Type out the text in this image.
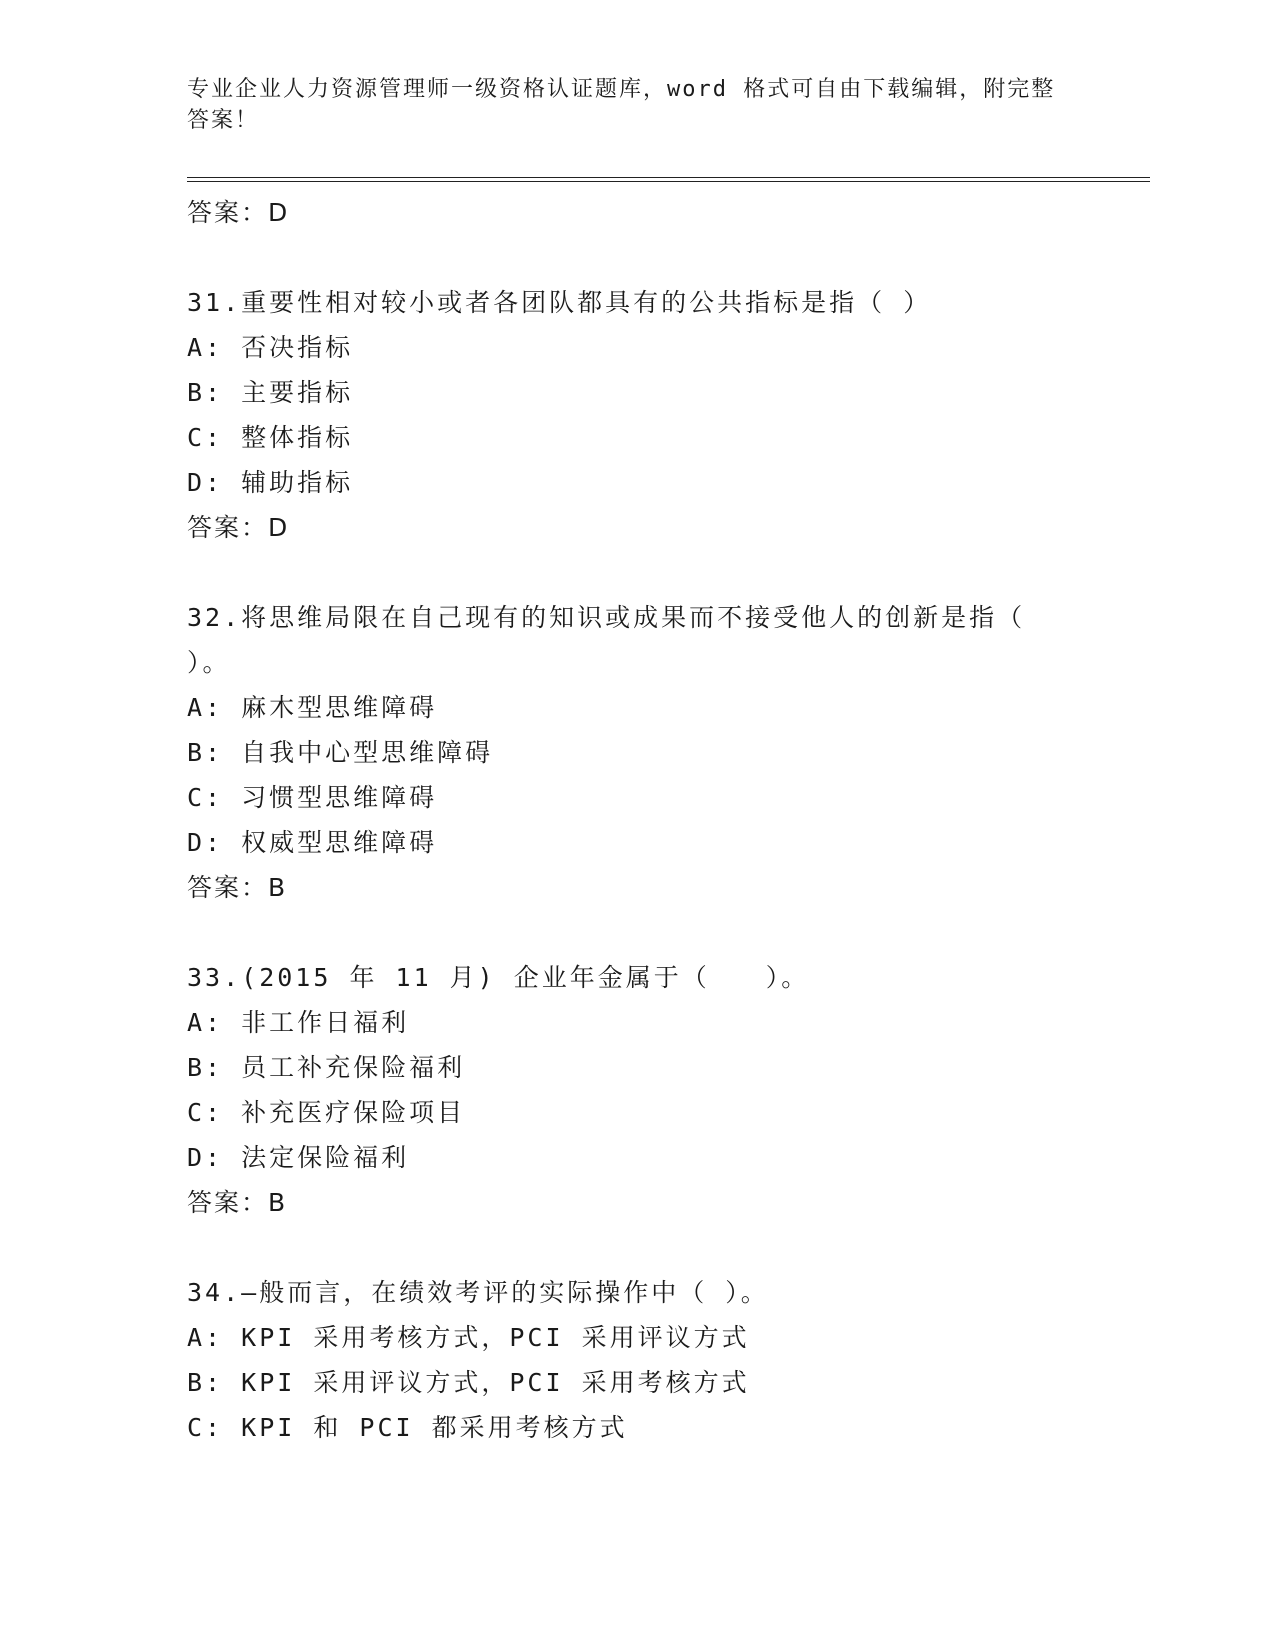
专业企业人力资源管理师一级资格认证题库，word 格式可自由下载编辑，附完整答案！
答案：D
31.重要性相对较小或者各团队都具有的公共指标是指（ ）
A: 否决指标
B: 主要指标
C: 整体指标
D: 辅助指标
答案：D
32.将思维局限在自己现有的知识或成果而不接受他人的创新是指（ ）。
A: 麻木型思维障碍
B: 自我中心型思维障碍
C: 习惯型思维障碍
D: 权威型思维障碍
答案：B
33.(2015 年 11 月) 企业年金属于（　　）。
A: 非工作日福利
B: 员工补充保险福利
C: 补充医疗保险项目
D: 法定保险福利
答案：B
34.—般而言，在绩效考评的实际操作中（ ）。
A: KPI 采用考核方式，PCI 采用评议方式
B: KPI 采用评议方式，PCI 采用考核方式
C: KPI 和 PCI 都采用考核方式
